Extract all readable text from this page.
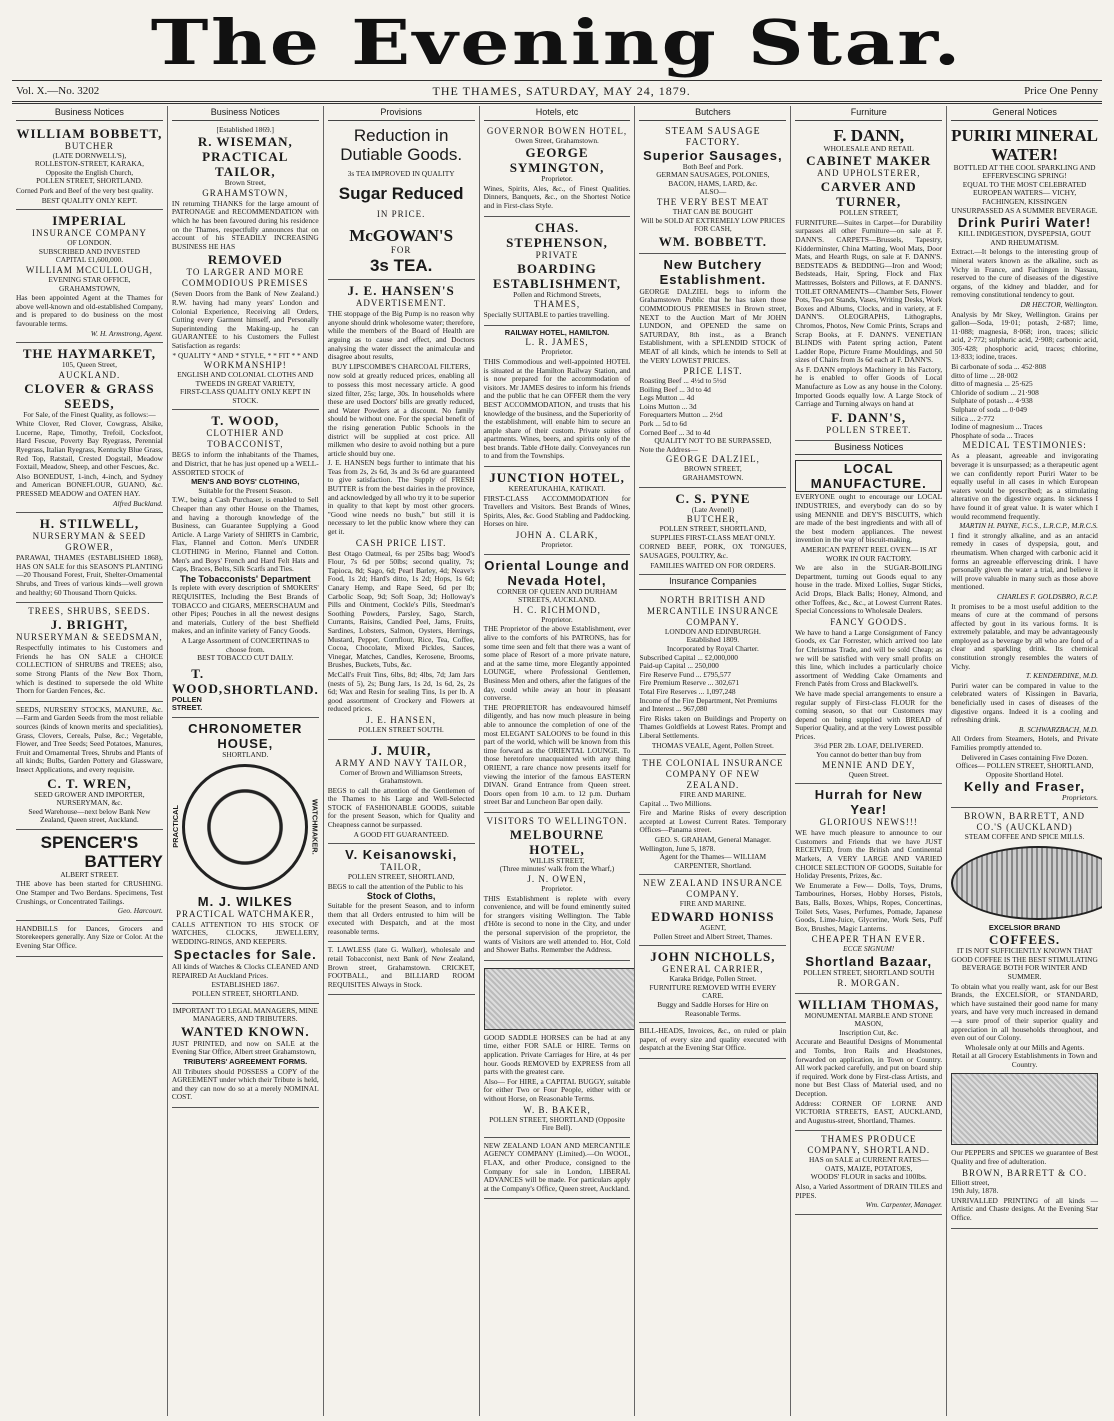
The Evening Star.
Vol. X.—No. 3202	THE THAMES, SATURDAY, MAY 24, 1879.	Price One Penny
Business Notices
WILLIAM BOBBETT,
BUTCHER
(LATE DORNWELL'S),
ROLLESTON-STREET, KARAKA,
Opposite the English Church,
POLLEN STREET, SHORTLAND.

Corned Pork and Beef of the very best quality.

BEST QUALITY ONLY KEPT.
IMPERIAL
INSURANCE COMPANY
OF LONDON.
SUBSCRIBED AND INVESTED
CAPITAL £1,600,000.
WILLIAM MCCULLOUGH,
EVENING STAR OFFICE,
GRAHAMSTOWN,

Has been appointed Agent at the Thames for above well-known and old-established Company, and is prepared to do business on the most favourable terms.

W. H. Armstrong, Agent.
THE HAYMARKET,
105, Queen Street,
AUCKLAND.
CLOVER & GRASS SEEDS,
For Sale, of the Finest Quality, as follows:—

White Clover, Red Clover, Cowgrass, Alsike, Lucerne, Rape, Timothy, Trefoil, Cocksfoot, Hard Fescue, Poverty Bay Ryegrass, Perennial Ryegrass, Italian Ryegrass, Kentucky Blue Grass, Red Top, Ratstail, Crested Dogstail, Meadow Foxtail, Meadow, Sheep, and other Fescues, &c.

Also BONEDUST, 1-inch, 4-inch, and Sydney and American BONEFLOUR, GUANO, &c. PRESSED MEADOW and OATEN HAY.

Alfred Buckland.
H. STILWELL,
NURSERYMAN & SEED GROWER,

PARAWAI, THAMES (ESTABLISHED 1868), HAS ON SALE for this SEASON'S PLANTING—20 Thousand Forest, Fruit, Shelter-Ornamental Shrubs, and Trees of various kinds—well grown and healthy; 60 Thousand Thorn Quicks.

TREES, SHRUBS, SEEDS.
J. BRIGHT,
NURSERYMAN & SEEDSMAN,

Respectfully intimates to his Customers and Friends he has ON SALE a CHOICE COLLECTION of SHRUBS and TREES; also, some Strong Plants of the New Box Thorn, which is destined to supersede the old White Thorn for Garden Fences, &c.

SEEDS, NURSERY STOCKS, MANURE, &c.—Farm and Garden Seeds from the most reliable sources (kinds of known merits and specialities), Grass, Clovers, Cereals, Pulse, &c.; Vegetable, Flower, and Tree Seeds; Seed Potatoes, Manures, Fruit and Ornamental Trees, Shrubs and Plants of all kinds; Bulbs, Garden Pottery and Glassware, Insect Applications, and every requisite.

C. T. WREN,
SEED GROWER AND IMPORTER, NURSERYMAN, &c.
Seed Warehouse—next below Bank New Zealand, Queen street, Auckland.
SPENCER'S
BATTERY
ALBERT STREET.

THE above has been started for CRUSHING. One Stamper and Two Berdans. Specimens, Test Crushings, or Concentrated Tailings.

Geo. Harcourt.

HANDBILLS for Dances, Grocers and Storekeepers generally. Any Size or Color. At the Evening Star Office.

Business Notices
[Established 1869.]
R. WISEMAN,
PRACTICAL TAILOR,
Brown Street,
GRAHAMSTOWN,

IN returning THANKS for the large amount of PATRONAGE and RECOMMENDATION with which he has been favoured during his residence on the Thames, respectfully announces that on account of his STEADILY INCREASING BUSINESS HE HAS

REMOVED
TO LARGER AND MORE COMMODIOUS PREMISES

(Seven Doors from the Bank of New Zealand.) R.W. having had many years' London and Colonial Experience, Receiving all Orders, Cutting every Garment himself, and Personally Superintending the Making-up, he can GUARANTEE to his Customers the Fullest Satisfaction as regards:

* QUALITY * AND * STYLE, * * FIT * * AND
WORKMANSHIP!
ENGLISH AND COLONIAL CLOTHS AND TWEEDS IN GREAT VARIETY,
FIRST-CLASS QUALITY ONLY KEPT IN STOCK.
T. WOOD,
CLOTHIER AND TOBACCONIST,

BEGS to inform the inhabitants of the Thames, and District, that he has just opened up a WELL-ASSORTED STOCK of

MEN'S AND BOYS' CLOTHING,
Suitable for the Present Season.

T.W., being a Cash Purchaser, is enabled to Sell Cheaper than any other House on the Thames, and having a thorough knowledge of the Business, can Guarantee Supplying a Good Article. A Large Variety of SHIRTS in Cambric, Flax, Flannel and Cotton. Men's UNDER CLOTHING in Merino, Flannel and Cotton. Men's and Boys' French and Hard Felt Hats and Caps, Braces, Belts, Silk Scarfs and Ties.

The Tobacconists' Department

Is replete with every description of SMOKERS' REQUISITES, Including the Best Brands of TOBACCO and CIGARS, MEERSCHAUM and other Pipes; Pouches in all the newest designs and materials, Cutlery of the best Sheffield makes, and an infinite variety of Fancy Goods.

A Large Assortment of CONCERTINAS to choose from.
BEST TOBACCO CUT DAILY.
T. WOOD,
POLLEN STREET.
SHORTLAND.
CHRONOMETER HOUSE,
SHORTLAND.
PRACTICAL	WATCHMAKER.
M. J. WILKES
PRACTICAL WATCHMAKER,

CALLS ATTENTION TO HIS STOCK OF WATCHES, CLOCKS, JEWELLERY, WEDDING-RINGS, AND KEEPERS.

Spectacles for Sale.

All kinds of Watches & Clocks CLEANED AND REPAIRED At Auckland Prices.

ESTABLISHED 1867.
POLLEN STREET, SHORTLAND.
IMPORTANT TO LEGAL MANAGERS, MINE MANAGERS, AND TRIBUTERS.
WANTED KNOWN.

JUST PRINTED, and now on SALE at the Evening Star Office, Albert street Grahamstown,

TRIBUTERS' AGREEMENT FORMS.

All Tributers should POSSESS a COPY of the AGREEMENT under which their Tribute is held, and they can now do so at a merely NOMINAL COST.

Provisions
Reduction in Dutiable Goods.
3s TEA IMPROVED IN QUALITY
Sugar Reduced
IN PRICE.
McGOWAN'S
FOR
3s TEA.
J. E. HANSEN'S
ADVERTISEMENT.

THE stoppage of the Big Pump is no reason why anyone should drink wholesome water; therefore, while the members of the Board of Health are arguing as to cause and effect, and Doctors analysing the water dissect the animalculæ and disagree about results,

BUY LIPSCOMBE'S CHARCOAL FILTERS,

now sold at greatly reduced prices, enabling all to possess this most necessary article. A good sized filter, 25s; large, 30s. In households where these are used Doctors' bills are greatly reduced, and Water Powders at a discount. No family should be without one. For the special benefit of the rising generation Public Schools in the district will be supplied at cost price. All milkmen who desire to avoid nothing but a pure article should buy one.

J. E. HANSEN begs further to intimate that his Teas from 2s, 2s 6d, 3s and 3s 6d are guaranteed to give satisfaction. The Supply of FRESH BUTTER is from the best dairies in the province, and acknowledged by all who try it to be superior in quality to that kept by most other grocers. "Good wine needs no bush," but still it is necessary to let the public know where they can get it.

CASH PRICE LIST.

Best Otago Oatmeal, 6s per 25lbs bag; Wood's Flour, 7s 6d per 50lbs; second quality, 7s; Tapioca, 8d; Sago, 6d; Pearl Barley, 4d; Neave's Food, 1s 2d; Hard's ditto, 1s 2d; Hops, 1s 6d; Canary Hemp, and Rape Seed, 6d per lb; Carbolic Soap, 9d; Soft Soap, 3d; Holloway's Pills and Ointment, Cockle's Pills, Steedman's Soothing Powders, Parsley, Sago, Starch, Currants, Raisins, Candied Peel, Jams, Fruits, Sardines, Lobsters, Salmon, Oysters, Herrings, Mustard, Pepper, Cornflour, Rice, Tea, Coffee, Cocoa, Chocolate, Mixed Pickles, Sauces, Vinegar, Matches, Candles, Kerosene, Brooms, Brushes, Buckets, Tubs, &c.

McCall's Fruit Tins, 6lbs, 8d; 4lbs, 7d; Jam Jars (nests of 5), 2s; Bung Jars, 1s 2d, 1s 6d, 2s, 2s 6d; Wax and Resin for sealing Tins, 1s per lb. A good assortment of Crockery and Flowers at reduced prices.

J. E. HANSEN,
POLLEN STREET SOUTH.
J. MUIR,
ARMY AND NAVY TAILOR,
Corner of Brown and Williamson Streets, Grahamstown.

BEGS to call the attention of the Gentlemen of the Thames to his Large and Well-Selected STOCK of FASHIONABLE GOODS, suitable for the present Season, which for Quality and Cheapness cannot be surpassed.

A GOOD FIT GUARANTEED.
V. Keisanowski,
TAILOR,
POLLEN STREET, SHORTLAND,

BEGS to call the attention of the Public to his

Stock of Cloths,

Suitable for the present Season, and to inform them that all Orders entrusted to him will be executed with Despatch, and at the most reasonable terms.

T. LAWLESS (late G. Walker), wholesale and retail Tobacconist, next Bank of New Zealand, Brown street, Grahamstown. CRICKET, FOOTBALL, and BILLIARD ROOM REQUISITES Always in Stock.

Hotels, etc
GOVERNOR BOWEN HOTEL,
Owen Street, Grahamstown.
GEORGE SYMINGTON,
Proprietor.

Wines, Spirits, Ales, &c., of Finest Qualities. Dinners, Banquets, &c., on the Shortest Notice and in First-class Style.

CHAS. STEPHENSON,
PRIVATE
BOARDING ESTABLISHMENT,
Pollen and Richmond Streets,
THAMES,

Specially SUITABLE to parties travelling.

RAILWAY HOTEL, HAMILTON.
L. R. JAMES,
Proprietor.

THIS Commodious and well-appointed HOTEL is situated at the Hamilton Railway Station, and is now prepared for the accommodation of visitors. Mr JAMES desires to inform his friends and the public that he can OFFER them the very BEST ACCOMMODATION, and trusts that his knowledge of the business, and the Superiority of the establishment, will enable him to secure an ample share of their custom. Private suites of apartments. Wines, beers, and spirits only of the best brands. Table d'Hote daily. Conveyances run to and from the Townships.

JUNCTION HOTEL,
KEREATUKAHIA, KATIKATI.

FIRST-CLASS ACCOMMODATION for Travellers and Visitors. Best Brands of Wines, Spirits, Ales, &c. Good Stabling and Paddocking. Horses on hire.

JOHN A. CLARK,
Proprietor.
Oriental Lounge and Nevada Hotel,
CORNER OF QUEEN AND DURHAM STREETS, AUCKLAND.
H. C. RICHMOND,
Proprietor.

THE Proprietor of the above Establishment, ever alive to the comforts of his PATRONS, has for some time seen and felt that there was a want of some place of Resort of a more private nature, and at the same time, more Elegantly appointed LOUNGE, where Professional Gentlemen, Business Men and others, after the fatigues of the day, could while away an hour in pleasant converse.

THE PROPRIETOR has endeavoured himself diligently, and has now much pleasure in being able to announce the completion of one of the most ELEGANT SALOONS to be found in this part of the world, which will be known from this time forward as the ORIENTAL LOUNGE. To those heretofore unacquainted with any thing ORIENT, a rare chance now presents itself for viewing the interior of the famous EASTERN DIVAN. Grand Entrance from Queen street. Doors open from 10 a.m. to 12 p.m. Durham street Bar and Luncheon Bar open daily.

VISITORS TO WELLINGTON.
MELBOURNE HOTEL,
WILLIS STREET,
(Three minutes' walk from the Wharf,)
J. N. OWEN,
Proprietor.

THIS Establishment is replete with every convenience, and will be found eminently suited for strangers visiting Wellington. The Table d'Hôte is second to none in the City, and under the personal supervision of the proprietor, the wants of Visitors are well attended to. Hot, Cold and Shower Baths. Remember the Address.

GOOD SADDLE HORSES can be had at any time, either FOR SALE or HIRE. Terms on application. Private Carriages for Hire, at 4s per hour. Goods REMOVED by EXPRESS from all parts with the greatest care.

Also— For HIRE, a CAPITAL BUGGY, suitable for either Two or Four People, either with or without Horse, on Reasonable Terms.

W. B. BAKER,
POLLEN STREET, SHORTLAND (Opposite Fire Bell).

NEW ZEALAND LOAN AND MERCANTILE AGENCY COMPANY (Limited).—On WOOL, FLAX, and other Produce, consigned to the Company for sale in London, LIBERAL ADVANCES will be made. For particulars apply at the Company's Office, Queen street, Auckland.

Butchers
STEAM SAUSAGE FACTORY.
Superior Sausages,
Both Beef and Pork.
GERMAN SAUSAGES, POLONIES,
BACON, HAMS, LARD, &c.
ALSO—
THE VERY BEST MEAT
THAT CAN BE BOUGHT
Will be SOLD AT EXTREMELY LOW PRICES FOR CASH,
WM. BOBBETT.
New Butchery Establishment.

GEORGE DALZIEL begs to inform the Grahamstown Public that he has taken those COMMODIOUS PREMISES in Brown street, NEXT to the Auction Mart of Mr JOHN LUNDON, and OPENED the same on SATURDAY, 8th inst., as a Branch Establishment, with a SPLENDID STOCK of MEAT of all kinds, which he intends to Sell at the VERY LOWEST PRICES.

PRICE LIST.
Roasting Beef ... 4½d to 5½d
Boiling Beef ... 3d to 4d
Legs Mutton ... 4d
Loins Mutton ... 3d
Forequarters Mutton ... 2½d
Pork ... 5d to 6d
Corned Beef ... 3d to 4d
QUALITY NOT TO BE SURPASSED,
Note the Address—
GEORGE DALZIEL,
BROWN STREET,
GRAHAMSTOWN.
C. S. PYNE
(Late Avenell)
BUTCHER,
POLLEN STREET, SHORTLAND,
SUPPLIES FIRST-CLASS MEAT ONLY.

CORNED BEEF, PORK, OX TONGUES, SAUSAGES, POULTRY, &c.

FAMILIES WAITED ON FOR ORDERS.
Insurance Companies
NORTH BRITISH AND MERCANTILE INSURANCE COMPANY.
LONDON AND EDINBURGH.
Established 1809.
Incorporated by Royal Charter.
Subscribed Capital ... £2,000,000
Paid-up Capital ... 250,000
Fire Reserve Fund ... £795,577
Fire Premium Reserve ... 302,671
Total Fire Reserves ... 1,097,248
Income of the Fire Department, Net Premiums and Interest ... 967,080

Fire Risks taken on Buildings and Property on Thames Goldfields at Lowest Rates. Prompt and Liberal Settlements.

THOMAS VEALE, Agent, Pollen Street.
THE COLONIAL INSURANCE COMPANY OF NEW ZEALAND.
FIRE AND MARINE.
Capital ... Two Millions.

Fire and Marine Risks of every description accepted at Lowest Current Rates. Temporary Offices—Panama street.

GEO. S. GRAHAM, General Manager.
Wellington, June 5, 1878.
Agent for the Thames— WILLIAM CARPENTER, Shortland.
NEW ZEALAND INSURANCE COMPANY.
FIRE AND MARINE.
EDWARD HONISS
AGENT,
Pollen Street and Albert Street, Thames.
JOHN NICHOLLS,
GENERAL CARRIER,
Karaka Bridge, Pollen Street.
FURNITURE REMOVED WITH EVERY CARE.
Buggy and Saddle Horses for Hire on Reasonable Terms.

BILL-HEADS, Invoices, &c., on ruled or plain paper, of every size and quality executed with despatch at the Evening Star Office.

Furniture
F. DANN,
WHOLESALE AND RETAIL
CABINET MAKER
AND UPHOLSTERER,
CARVER AND TURNER,
POLLEN STREET,

FURNITURE—Suites in Carpet—for Durability surpasses all other Furniture—on sale at F. DANN'S. CARPETS—Brussels, Tapestry, Kidderminster, China Matting, Wool Mats, Door Mats, and Hearth Rugs, on sale at F. DANN'S. BEDSTEADS & BEDDING—Iron and Wood; Bedsteads, Hair, Spring, Flock and Flax Mattresses, Bolsters and Pillows, at F. DANN'S. TOILET ORNAMENTS—Chamber Sets, Flower Pots, Tea-pot Stands, Vases, Writing Desks, Work Boxes and Albums, Clocks, and in variety, at F. DANN'S. OLEOGRAPHS, Lithographs, Chromos, Photos, New Comic Prints, Scraps and Scrap Books, at F. DANN'S. VENETIAN BLINDS with Patent spring action, Patent Ladder Rope, Picture Frame Mouldings, and 50 sizes of Chairs from 3s 6d each at F. DANN'S.

As F. DANN employs Machinery in his Factory, he is enabled to offer Goods of Local Manufacture as Low as any house in the Colony. Imported Goods equally low. A Large Stock of Carriage and Turning always on hand at

F. DANN'S,
POLLEN STREET.
Business Notices
LOCAL MANUFACTURE.

EVERYONE ought to encourage our LOCAL INDUSTRIES, and everybody can do so by using MENNIE and DEY'S BISCUITS, which are made of the best ingredients and with all of the best modern appliances. The newest invention in the way of biscuit-making,

AMERICAN PATENT REEL OVEN— IS AT WORK IN OUR FACTORY.

We are also in the SUGAR-BOILING Department, turning out Goods equal to any house in the trade. Mixed Lollies, Sugar Sticks, Acid Drops, Black Balls; Honey, Almond, and other Toffees, &c., &c., at Lowest Current Rates. Special Concessions to Wholesale Dealers.

FANCY GOODS.

We have to hand a Large Consignment of Fancy Goods, ex Car Forrester, which arrived too late for Christmas Trade, and will be sold Cheap; as we will be satisfied with very small profits on this line, which includes a particularly choice assortment of Wedding Cake Ornaments and French Patés from Cross and Blackwell's.

We have made special arrangements to ensure a regular supply of First-class FLOUR for the coming season, so that our Customers may depend on being supplied with BREAD of Superior Quality, and at the very Lowest possible Prices.

3½d PER 2lb. LOAF, DELIVERED.
You cannot do better than buy from
MENNIE AND DEY,
Queen Street.
Hurrah for New Year!
GLORIOUS NEWS!!!

WE have much pleasure to announce to our Customers and Friends that we have JUST RECEIVED, from the British and Continental Markets, A VERY LARGE AND VARIED CHOICE SELECTION OF GOODS, Suitable for Holiday Presents, Prizes, &c.

We Enumerate a Few— Dolls, Toys, Drums, Tambourines, Horses, Hobby Horses, Pistols, Bats, Balls, Boxes, Whips, Ropes, Concertinas, Toilet Sets, Vases, Perfumes, Pomade, Japanese Goods, Lime-Juice, Glycerine, Work Sets, Puff Box, Brushes, Magic Lanterns.

CHEAPER THAN EVER.
ECCE SIGNUM!
Shortland Bazaar,
POLLEN STREET, SHORTLAND SOUTH
R. MORGAN.
WILLIAM THOMAS,
MONUMENTAL MARBLE AND STONE MASON,
Inscription Cut, &c.

Accurate and Beautiful Designs of Monumental and Tombs, Iron Rails and Headstones, forwarded on application, in Town or Country. All work packed carefully, and put on board ship if required. Work done by First-class Artists, and none but Best Class of Material used, and no Deception.

Address: CORNER OF LORNE AND VICTORIA STREETS, EAST, AUCKLAND, and Augustus-street, Shortland, Thames.

THAMES PRODUCE COMPANY, SHORTLAND.
HAS on SALE at CURRENT RATES—
OATS, MAIZE, POTATOES,
WOODS' FLOUR in sacks and 100lbs.

Also, a Varied Assortment of DRAIN TILES and PIPES.

Wm. Carpenter, Manager.
General Notices
PURIRI MINERAL
WATER!
BOTTLED AT THE COOL SPARKLING AND EFFERVESCING SPRING!
EQUAL TO THE MOST CELEBRATED EUROPEAN WATERS— VICHY, FACHINGEN, KISSINGEN
UNSURPASSED AS A SUMMER BEVERAGE.
Drink Puriri Water!
KILL INDIGESTION, DYSPEPSIA, GOUT AND RHEUMATISM.

Extract.—It belongs to the interesting group of mineral waters known as the alkaline, such as Vichy in France, and Fachingen in Nassau, reserved to the cure of diseases of the digestive organs, of the kidney and bladder, and for removing constitutional tendency to gout.

DR HECTOR, Wellington.

Analysis by Mr Skey, Wellington. Grains per gallon—Soda, 19·01; potash, 2·687; lime, 11·088; magnesia, 8·068; iron, traces; silicic acid, 2·772; sulphuric acid, 2·908; carbonic acid, 305·428; phosphoric acid, traces; chlorine, 13·833; iodine, traces.

Bi carbonate of soda ... 452·808
ditto of lime ... 28·002
ditto of magnesia ... 25·625
Chloride of sodium ... 21·908
Sulphate of potash ... 4·938
Sulphate of soda ... 0·049
Silica ... 2·772
Iodine of magnesium ... Traces
Phosphate of soda ... Traces
MEDICAL TESTIMONIES:

As a pleasant, agreeable and invigorating beverage it is unsurpassed; as a therapeutic agent we can confidently report Puriri Water to be equally useful in all cases in which European waters would be prescribed; as a stimulating alterative on the digestive organs. In sickness I have found it of great value. It is water which I would recommend frequently.

MARTIN H. PAYNE, F.C.S., L.R.C.P., M.R.C.S.

I find it strongly alkaline, and as an antacid remedy in cases of dyspepsia, gout, and rheumatism. When charged with carbonic acid it forms an agreeable effervescing drink. I have personally given the water a trial, and believe it will prove valuable in many such as those above mentioned.

CHARLES F. GOLDSBRO, R.C.P.

It promises to be a most useful addition to the means of cure at the command of persons affected by gout in its various forms. It is extremely palatable, and may be advantageously employed as a beverage by all who are fond of a clear and sparkling drink. Its chemical constitution strongly resembles the waters of Vichy.

T. KENDERDINE, M.D.

Puriri water can be compared in value to the celebrated waters of Kissingen in Bavaria, beneficially used in cases of diseases of the digestive organs. Indeed it is a cooling and refreshing drink.

B. SCHWARZBACH, M.D.

All Orders from Steamers, Hotels, and Private Families promptly attended to.

Delivered in Cases containing Five Dozen.
Offices— POLLEN STREET, SHORTLAND, Opposite Shortland Hotel.
Kelly and Fraser,
Proprietors.
BROWN, BARRETT, AND CO.'S (AUCKLAND)
STEAM COFFEE AND SPICE MILLS.
EXCELSIOR BRAND
COFFEES.
IT IS NOT SUFFICIENTLY KNOWN THAT GOOD COFFEE IS THE BEST STIMULATING BEVERAGE BOTH FOR WINTER AND SUMMER.

To obtain what you really want, ask for our Best Brands, the EXCELSIOR, or STANDARD, which have sustained their good name for many years, and have very much increased in demand—a sure proof of their superior quality and appreciation in all households throughout, and even out of our Colony.

Wholesale only at our Mills and Agents.
Retail at all Grocery Establishments in Town and Country.

Our PEPPERS and SPICES we guarantee of Best Quality and free of adulteration.

BROWN, BARRETT & CO.
Elliott street,
19th July, 1878.

UNRIVALLED PRINTING of all kinds — Artistic and Chaste designs. At the Evening Star Office.
